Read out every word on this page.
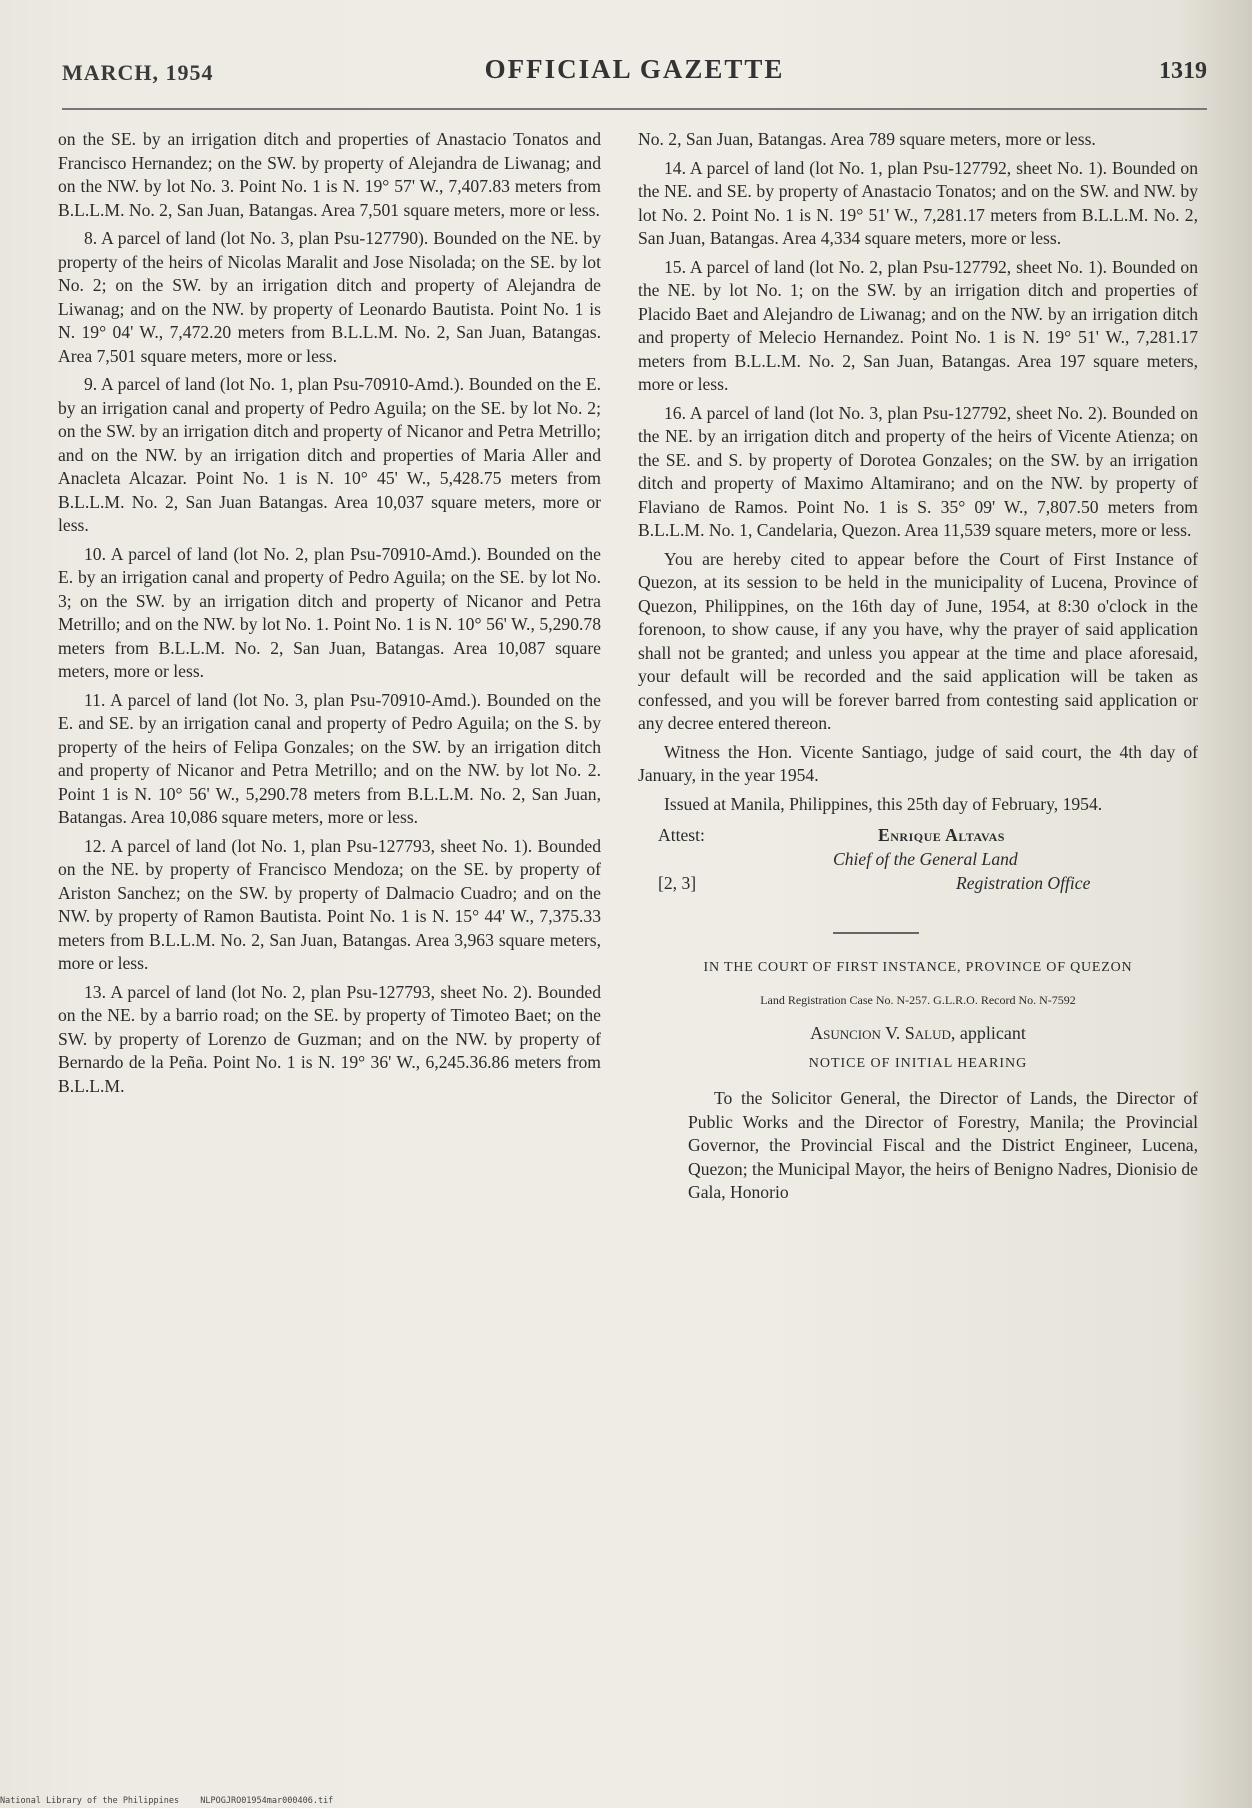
MARCH, 1954	OFFICIAL GAZETTE	1319

on the SE. by an irrigation ditch and properties of Anastacio Tonatos and Francisco Hernandez; on the SW. by property of Alejandra de Liwanag; and on the NW. by lot No. 3. Point No. 1 is N. 19° 57' W., 7,407.83 meters from B.L.L.M. No. 2, San Juan, Batangas. Area 7,501 square meters, more or less.

8. A parcel of land (lot No. 3, plan Psu-127790). Bounded on the NE. by property of the heirs of Nicolas Maralit and Jose Nisolada; on the SE. by lot No. 2; on the SW. by an irrigation ditch and property of Alejandra de Liwanag; and on the NW. by property of Leonardo Bautista. Point No. 1 is N. 19° 04' W., 7,472.20 meters from B.L.L.M. No. 2, San Juan, Batangas. Area 7,501 square meters, more or less.

9. A parcel of land (lot No. 1, plan Psu-70910-Amd.). Bounded on the E. by an irrigation canal and property of Pedro Aguila; on the SE. by lot No. 2; on the SW. by an irrigation ditch and property of Nicanor and Petra Metrillo; and on the NW. by an irrigation ditch and properties of Maria Aller and Anacleta Alcazar. Point No. 1 is N. 10° 45' W., 5,428.75 meters from B.L.L.M. No. 2, San Juan Batangas. Area 10,037 square meters, more or less.

10. A parcel of land (lot No. 2, plan Psu-70910-Amd.). Bounded on the E. by an irrigation canal and property of Pedro Aguila; on the SE. by lot No. 3; on the SW. by an irrigation ditch and property of Nicanor and Petra Metrillo; and on the NW. by lot No. 1. Point No. 1 is N. 10° 56' W., 5,290.78 meters from B.L.L.M. No. 2, San Juan, Batangas. Area 10,087 square meters, more or less.

11. A parcel of land (lot No. 3, plan Psu-70910-Amd.). Bounded on the E. and SE. by an irrigation canal and property of Pedro Aguila; on the S. by property of the heirs of Felipa Gonzales; on the SW. by an irrigation ditch and property of Nicanor and Petra Metrillo; and on the NW. by lot No. 2. Point 1 is N. 10° 56' W., 5,290.78 meters from B.L.L.M. No. 2, San Juan, Batangas. Area 10,086 square meters, more or less.

12. A parcel of land (lot No. 1, plan Psu-127793, sheet No. 1). Bounded on the NE. by property of Francisco Mendoza; on the SE. by property of Ariston Sanchez; on the SW. by property of Dalmacio Cuadro; and on the NW. by property of Ramon Bautista. Point No. 1 is N. 15° 44' W., 7,375.33 meters from B.L.L.M. No. 2, San Juan, Batangas. Area 3,963 square meters, more or less.

13. A parcel of land (lot No. 2, plan Psu-127793, sheet No. 2). Bounded on the NE. by a barrio road; on the SE. by property of Timoteo Baet; on the SW. by property of Lorenzo de Guzman; and on the NW. by property of Bernardo de la Peña. Point No. 1 is N. 19° 36' W., 6,245.36.86 meters from B.L.L.M.

No. 2, San Juan, Batangas. Area 789 square meters, more or less.

14. A parcel of land (lot No. 1, plan Psu-127792, sheet No. 1). Bounded on the NE. and SE. by property of Anastacio Tonatos; and on the SW. and NW. by lot No. 2. Point No. 1 is N. 19° 51' W., 7,281.17 meters from B.L.L.M. No. 2, San Juan, Batangas. Area 4,334 square meters, more or less.

15. A parcel of land (lot No. 2, plan Psu-127792, sheet No. 1). Bounded on the NE. by lot No. 1; on the SW. by an irrigation ditch and properties of Placido Baet and Alejandro de Liwanag; and on the NW. by an irrigation ditch and property of Melecio Hernandez. Point No. 1 is N. 19° 51' W., 7,281.17 meters from B.L.L.M. No. 2, San Juan, Batangas. Area 197 square meters, more or less.

16. A parcel of land (lot No. 3, plan Psu-127792, sheet No. 2). Bounded on the NE. by an irrigation ditch and property of the heirs of Vicente Atienza; on the SE. and S. by property of Dorotea Gonzales; on the SW. by an irrigation ditch and property of Maximo Altamirano; and on the NW. by property of Flaviano de Ramos. Point No. 1 is S. 35° 09' W., 7,807.50 meters from B.L.L.M. No. 1, Candelaria, Quezon. Area 11,539 square meters, more or less.

You are hereby cited to appear before the Court of First Instance of Quezon, at its session to be held in the municipality of Lucena, Province of Quezon, Philippines, on the 16th day of June, 1954, at 8:30 o'clock in the forenoon, to show cause, if any you have, why the prayer of said application shall not be granted; and unless you appear at the time and place aforesaid, your default will be recorded and the said application will be taken as confessed, and you will be forever barred from contesting said application or any decree entered thereon.

Witness the Hon. Vicente Santiago, judge of said court, the 4th day of January, in the year 1954.

Issued at Manila, Philippines, this 25th day of February, 1954.

Attest:	Enrique Altavas
Chief of the General Land
[2, 3]	Registration Office
IN THE COURT OF FIRST INSTANCE, PROVINCE OF QUEZON
Land Registration Case No. N-257. G.L.R.O. Record No. N-7592
Asuncion V. Salud, applicant
NOTICE OF INITIAL HEARING

To the Solicitor General, the Director of Lands, the Director of Public Works and the Director of Forestry, Manila; the Provincial Governor, the Provincial Fiscal and the District Engineer, Lucena, Quezon; the Municipal Mayor, the heirs of Benigno Nadres, Dionisio de Gala, Honorio

National Library of the Philippines NLPOGJRO01954mar000406.tif
